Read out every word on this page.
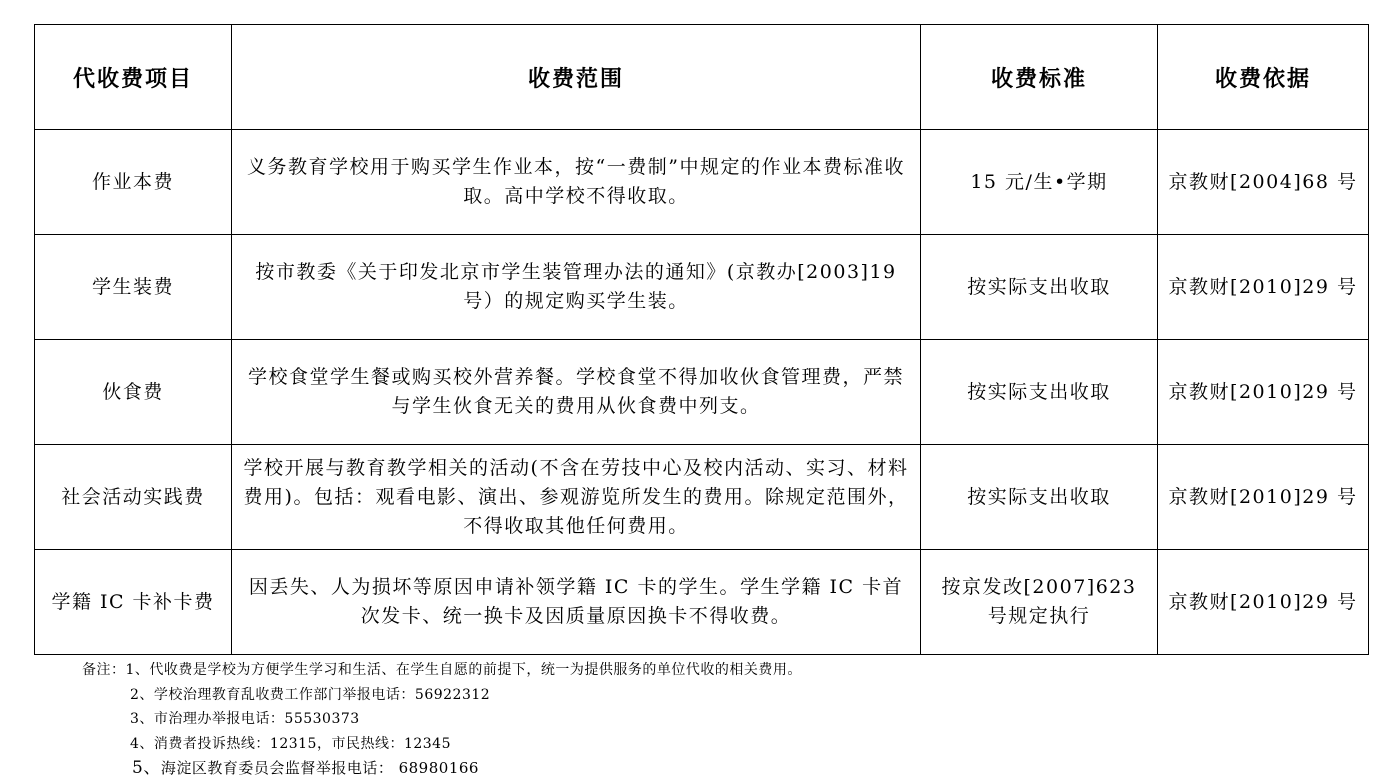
代收费项目	收费范围	收费标准	收费依据
作业本费	义务教育学校用于购买学生作业本，按“一费制”中规定的作业本费标准收取。高中学校不得收取。	15 元/生•学期	京教财[2004]68 号
学生装费	按市教委《关于印发北京市学生装管理办法的通知》(京教办[2003]19 号）的规定购买学生装。	按实际支出收取	京教财[2010]29 号
伙食费	学校食堂学生餐或购买校外营养餐。学校食堂不得加收伙食管理费，严禁与学生伙食无关的费用从伙食费中列支。	按实际支出收取	京教财[2010]29 号
社会活动实践费	学校开展与教育教学相关的活动(不含在劳技中心及校内活动、实习、材料费用)。包括：观看电影、演出、参观游览所发生的费用。除规定范围外，不得收取其他任何费用。	按实际支出收取	京教财[2010]29 号
学籍 IC 卡补卡费	因丢失、人为损坏等原因申请补领学籍 IC 卡的学生。学生学籍 IC 卡首次发卡、统一换卡及因质量原因换卡不得收费。	按京发改[2007]623 号规定执行	京教财[2010]29 号
备注：1、代收费是学校为方便学生学习和生活、在学生自愿的前提下，统一为提供服务的单位代收的相关费用。
2、学校治理教育乱收费工作部门举报电话：56922312
3、市治理办举报电话：55530373
4、消费者投诉热线：12315，市民热线：12345
5、海淀区教育委员会监督举报电话： 68980166
